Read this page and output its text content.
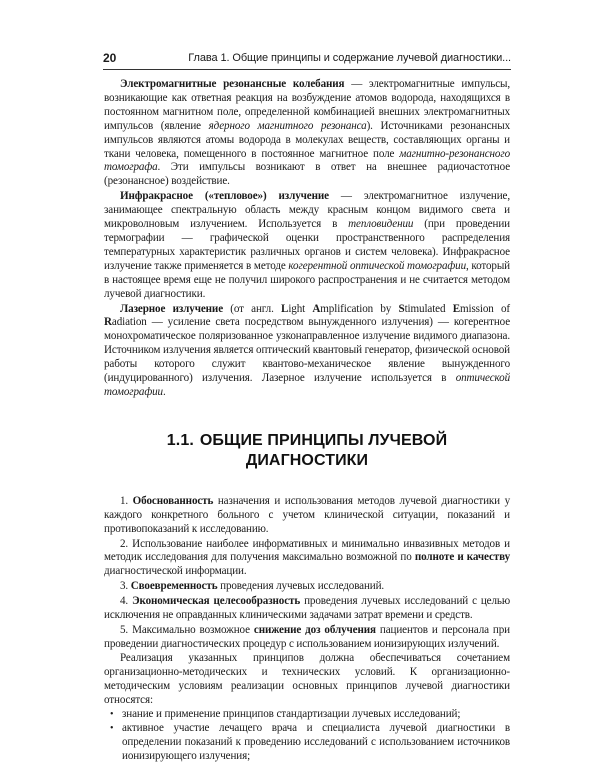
20	Глава 1. Общие принципы и содержание лучевой диагностики...

Электромагнитные резонансные колебания — электромагнитные импульсы, возникающие как ответная реакция на возбуждение атомов водорода, находящихся в постоянном магнитном поле, определенной комбинацией внешних электромагнитных импульсов (явление ядерного магнитного резонанса). Источниками резонансных импульсов являются атомы водорода в молекулах веществ, составляющих органы и ткани человека, помещенного в постоянное магнитное поле магнитно-резонансного томографа. Эти импульсы возникают в ответ на внешнее радиочастотное (резонансное) воздействие.

Инфракрасное («тепловое») излучение — электромагнитное излучение, занимающее спектральную область между красным концом видимого света и микроволновым излучением. Используется в тепловидении (при проведении термографии — графической оценки пространственного распределения температурных характеристик различных органов и систем человека). Инфракрасное излучение также применяется в методе когерентной оптической томографии, который в настоящее время еще не получил широкого распространения и не считается методом лучевой диагностики.

Лазерное излучение (от англ. Light Amplification by Stimulated Emission of Radiation — усиление света посредством вынужденного излучения) — когерентное монохроматическое поляризованное узконаправленное излучение видимого диапазона. Источником излучения является оптический квантовый генератор, физической основой работы которого служит квантово-механическое явление вынужденного (индуцированного) излучения. Лазерное излучение используется в оптической томографии.

1.1. ОБЩИЕ ПРИНЦИПЫ ЛУЧЕВОЙ ДИАГНОСТИКИ

1. Обоснованность назначения и использования методов лучевой диагностики у каждого конкретного больного с учетом клинической ситуации, показаний и противопоказаний к исследованию.

2. Использование наиболее информативных и минимально инвазивных методов и методик исследования для получения максимально возможной по полноте и качеству диагностической информации.

3. Своевременность проведения лучевых исследований.

4. Экономическая целесообразность проведения лучевых исследований с целью исключения не оправданных клиническими задачами затрат времени и средств.

5. Максимально возможное снижение доз облучения пациентов и персонала при проведении диагностических процедур с использованием ионизирующих излучений.

Реализация указанных принципов должна обеспечиваться сочетанием организационно-методических и технических условий. К организационно-методическим условиям реализации основных принципов лучевой диагностики относятся:

• знание и применение принципов стандартизации лучевых исследований;
• активное участие лечащего врача и специалиста лучевой диагностики в определении показаний к проведению исследований с использованием источников ионизирующего излучения;
